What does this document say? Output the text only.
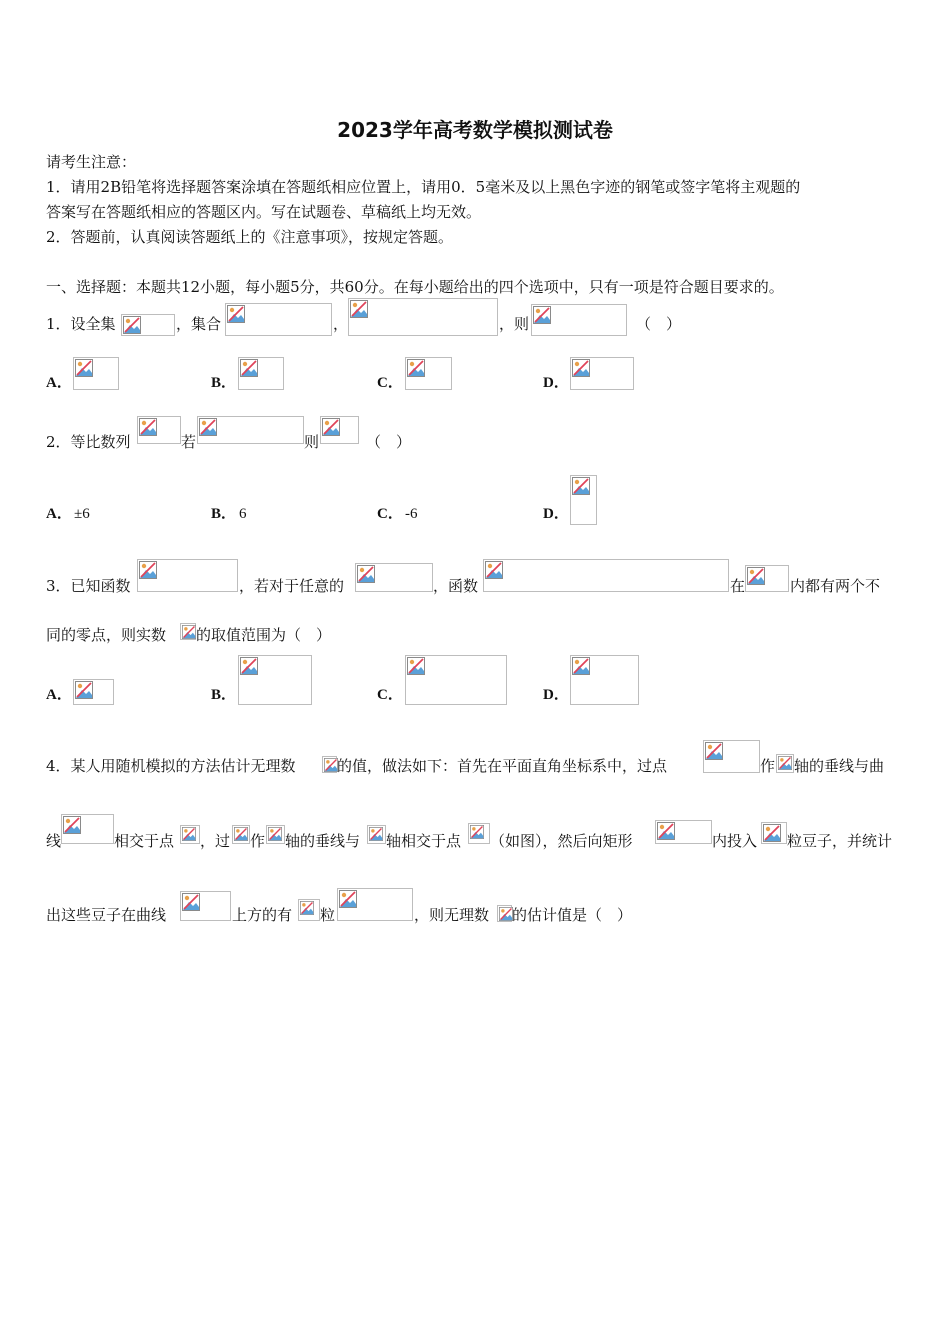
2023学年高考数学模拟测试卷
请考生注意：
1．请用2B铅笔将选择题答案涂填在答题纸相应位置上，请用0．5毫米及以上黑色字迹的钢笔或签字笔将主观题的
答案写在答题纸相应的答题区内。写在试题卷、草稿纸上均无效。
2．答题前，认真阅读答题纸上的《注意事项》，按规定答题。
一、选择题：本题共12小题，每小题5分，共60分。在每小题给出的四个选项中，只有一项是符合题目要求的。
1．设全集	，集合	，	，则	（　）
A．	B．	C．	D．
2．等比数列	若	则	（　）
A． ±6	B． 6	C． -6	D．
3．已知函数	，若对于任意的	，函数	在	内都有两个不
同的零点，则实数 的取值范围为（　）
A．	B．	C．	D．
4．某人用随机模拟的方法估计无理数	的值，做法如下：首先在平面直角坐标系中，过点	作 轴的垂线与曲
线	相交于点 ，过 作 轴的垂线与 轴相交于点 （如图），然后向矩形	内投入 粒豆子，并统计
出这些豆子在曲线	上方的有 粒	，则无理数 的估计值是（　）
